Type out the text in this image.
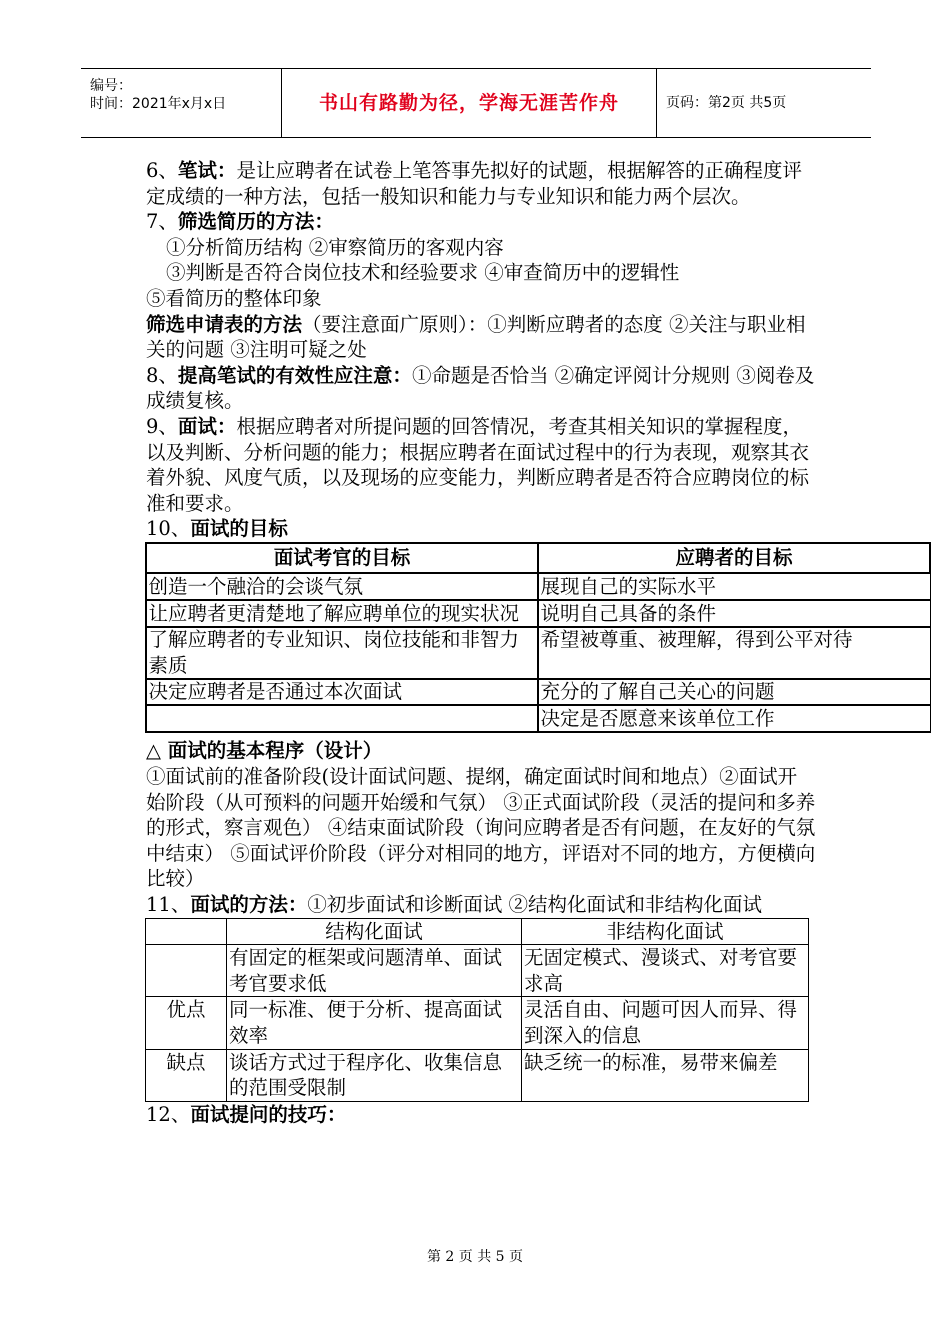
编号：
时间：2021年x月x日	书山有路勤为径，学海无涯苦作舟	页码：第2页 共5页

6、笔试：是让应聘者在试卷上笔答事先拟好的试题，根据解答的正确程度评定成绩的一种方法，包括一般知识和能力与专业知识和能力两个层次。

7、筛选简历的方法：

①分析简历结构 ②审察简历的客观内容

③判断是否符合岗位技术和经验要求 ④审查简历中的逻辑性

⑤看简历的整体印象

筛选申请表的方法（要注意面广原则）：①判断应聘者的态度 ②关注与职业相关的问题 ③注明可疑之处

8、提高笔试的有效性应注意：①命题是否恰当 ②确定评阅计分规则 ③阅卷及成绩复核。

9、面试：根据应聘者对所提问题的回答情况，考查其相关知识的掌握程度，以及判断、分析问题的能力；根据应聘者在面试过程中的行为表现，观察其衣着外貌、风度气质，以及现场的应变能力，判断应聘者是否符合应聘岗位的标准和要求。

10、面试的目标

面试考官的目标	应聘者的目标
创造一个融洽的会谈气氛	展现自己的实际水平
让应聘者更清楚地了解应聘单位的现实状况	说明自己具备的条件
了解应聘者的专业知识、岗位技能和非智力素质	希望被尊重、被理解，得到公平对待
决定应聘者是否通过本次面试	充分的了解自己关心的问题
	决定是否愿意来该单位工作

△ 面试的基本程序（设计）

①面试前的准备阶段(设计面试问题、提纲，确定面试时间和地点）②面试开始阶段（从可预料的问题开始缓和气氛） ③正式面试阶段（灵活的提问和多养的形式，察言观色） ④结束面试阶段（询问应聘者是否有问题，在友好的气氛中结束） ⑤面试评价阶段（评分对相同的地方，评语对不同的地方，方便横向比较）

11、面试的方法：①初步面试和诊断面试 ②结构化面试和非结构化面试

	结构化面试	非结构化面试
	有固定的框架或问题清单、面试考官要求低	无固定模式、漫谈式、对考官要求高
优点	同一标准、便于分析、提高面试效率	灵活自由、问题可因人而异、得到深入的信息
缺点	谈话方式过于程序化、收集信息的范围受限制	缺乏统一的标准，易带来偏差

12、面试提问的技巧：

第 2 页 共 5 页
